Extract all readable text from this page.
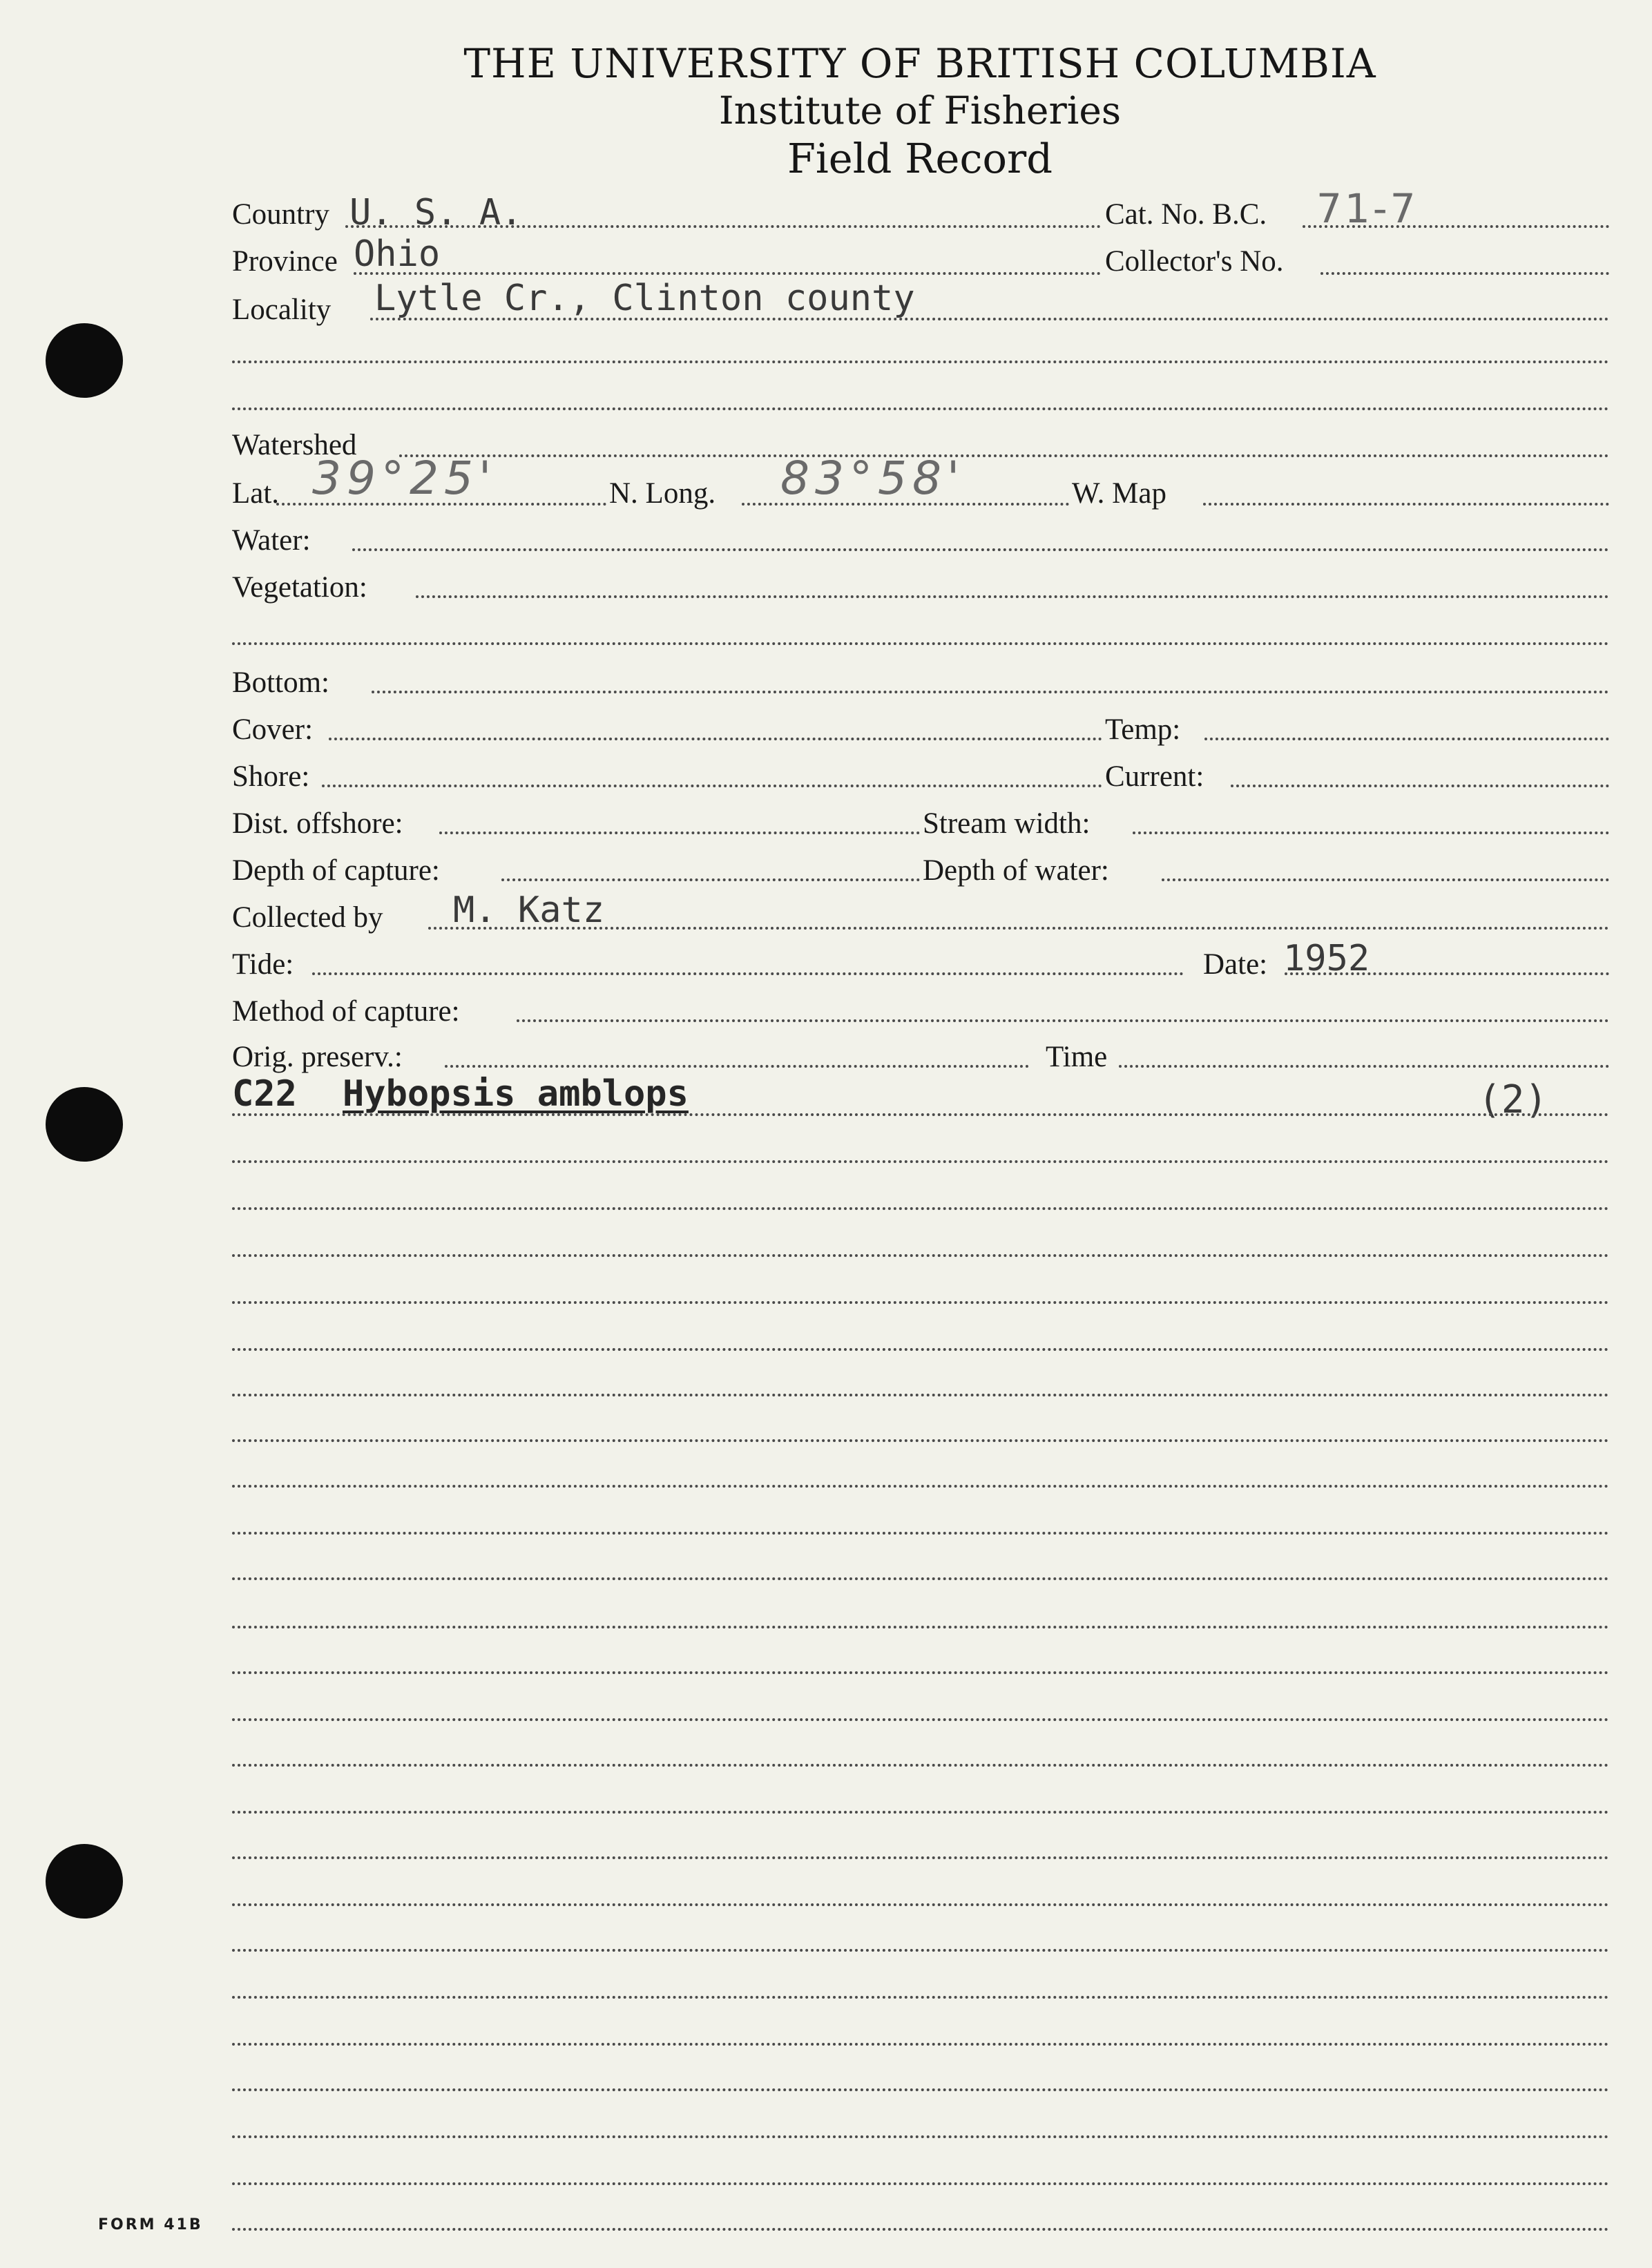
THE UNIVERSITY OF BRITISH COLUMBIA
Institute of Fisheries
Field Record
Country U. S. A.	Cat. No. B.C. 71-7
Province Ohio	Collector's No.
Locality Lytle Cr., Clinton county
Watershed
Lat. 39°25'	N. Long. 83°58'	W. Map
Water:
Vegetation:
Bottom:
Cover:	Temp:
Shore:	Current:
Dist. offshore:	Stream width:
Depth of capture:	Depth of water:
Collected by M. Katz
Tide:	Date: 1952
Method of capture:
Orig. preserv.:	Time
C22 Hybopsis amblops	(2)
FORM 41B
